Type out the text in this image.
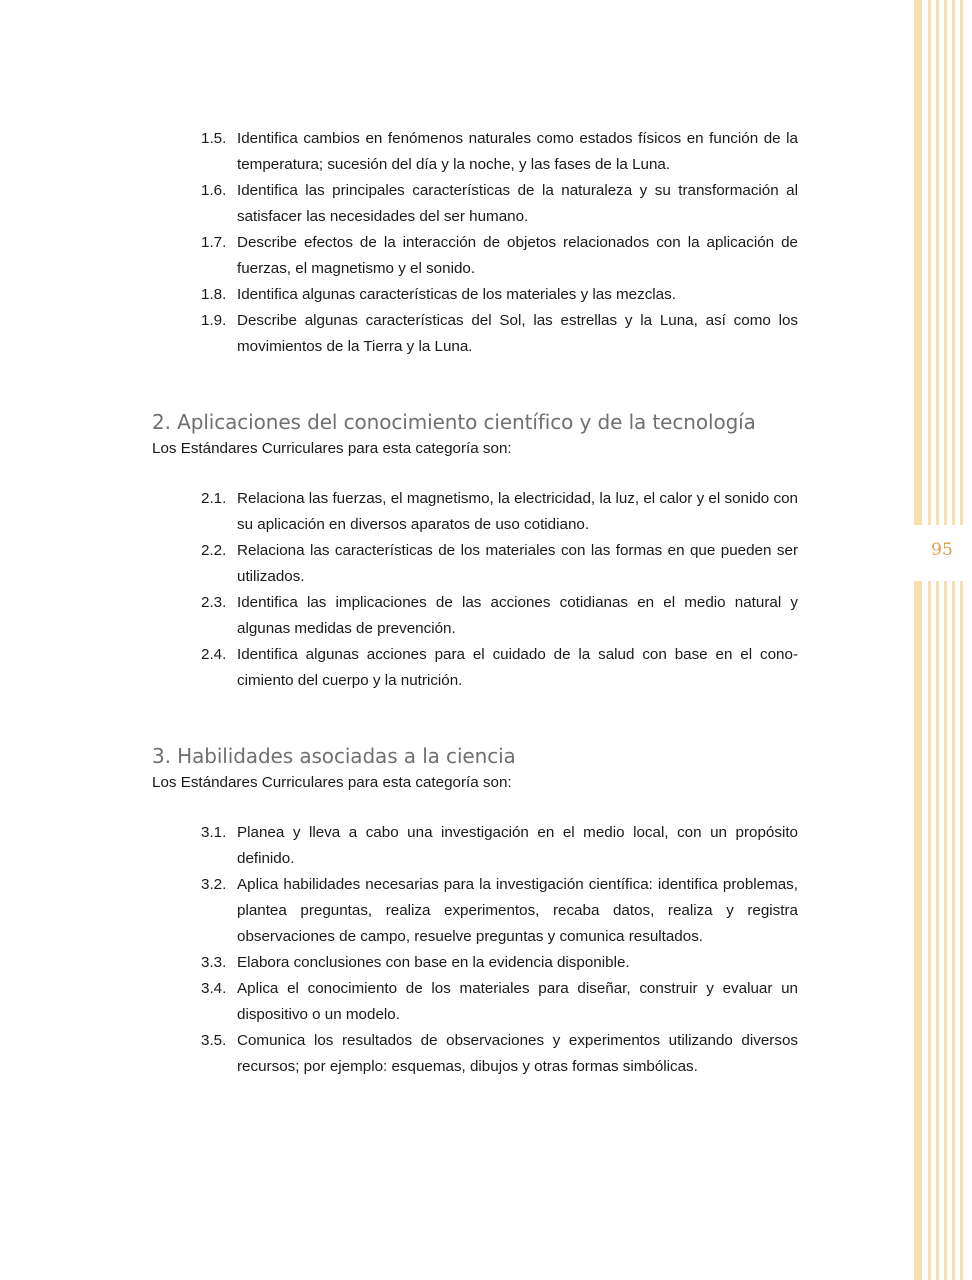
1.5. Identifica cambios en fenómenos naturales como estados físicos en función de la temperatura; sucesión del día y la noche, y las fases de la Luna.
1.6. Identifica las principales características de la naturaleza y su transformación al satisfacer las necesidades del ser humano.
1.7. Describe efectos de la interacción de objetos relacionados con la aplicación de fuerzas, el magnetismo y el sonido.
1.8. Identifica algunas características de los materiales y las mezclas.
1.9. Describe algunas características del Sol, las estrellas y la Luna, así como los movimientos de la Tierra y la Luna.
2. Aplicaciones del conocimiento científico y de la tecnología

Los Estándares Curriculares para esta categoría son:

2.1. Relaciona las fuerzas, el magnetismo, la electricidad, la luz, el calor y el sonido con su aplicación en diversos aparatos de uso cotidiano.
2.2. Relaciona las características de los materiales con las formas en que pueden ser utilizados.
2.3. Identifica las implicaciones de las acciones cotidianas en el medio natural y algunas medidas de prevención.
2.4. Identifica algunas acciones para el cuidado de la salud con base en el conocimiento del cuerpo y la nutrición.
3. Habilidades asociadas a la ciencia

Los Estándares Curriculares para esta categoría son:

3.1. Planea y lleva a cabo una investigación en el medio local, con un propósito definido.
3.2. Aplica habilidades necesarias para la investigación científica: identifica problemas, plantea preguntas, realiza experimentos, recaba datos, realiza y registra observaciones de campo, resuelve preguntas y comunica resultados.
3.3. Elabora conclusiones con base en la evidencia disponible.
3.4. Aplica el conocimiento de los materiales para diseñar, construir y evaluar un dispositivo o un modelo.
3.5. Comunica los resultados de observaciones y experimentos utilizando diversos recursos; por ejemplo: esquemas, dibujos y otras formas simbólicas.
95
